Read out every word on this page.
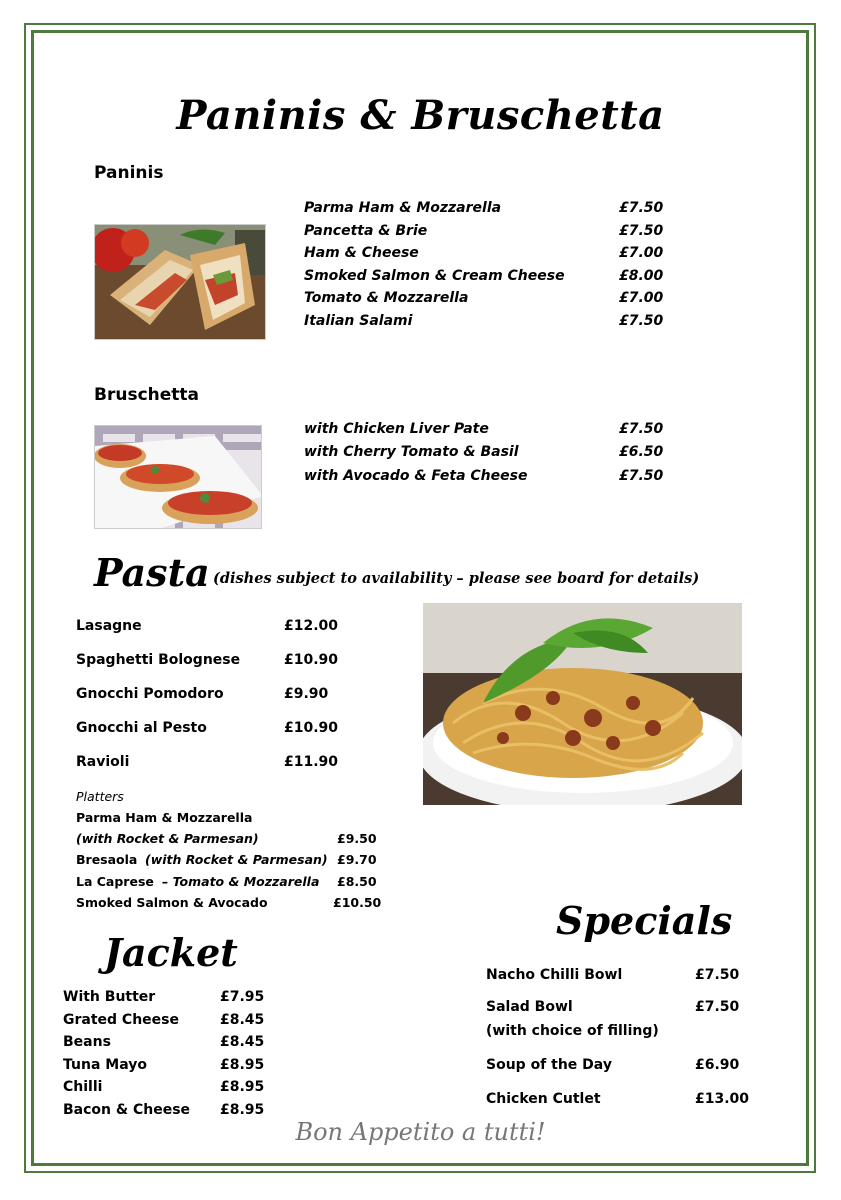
Paninis & Bruschetta
Paninis
Parma Ham & Mozzarella	£7.50
Pancetta & Brie	£7.50
Ham & Cheese	£7.00
Smoked Salmon & Cream Cheese	£8.00
Tomato & Mozzarella	£7.00
Italian Salami	£7.50
Bruschetta
with Chicken Liver Pate	£7.50
with Cherry Tomato & Basil	£6.50
with Avocado & Feta Cheese	£7.50
Pasta (dishes subject to availability – please see board for details)
Lasagne	£12.00
Spaghetti Bolognese	£10.90
Gnocchi Pomodoro	£9.90
Gnocchi al Pesto	£10.90
Ravioli	£11.90
Platters
Parma Ham & Mozzarella
(with Rocket & Parmesan)	£9.50
Bresaola (with Rocket & Parmesan) £9.70
La Caprese – Tomato & Mozzarella £8.50
Smoked Salmon & Avocado	£10.50
Jacket
With Butter	£7.95
Grated Cheese	£8.45
Beans	£8.45
Tuna Mayo	£8.95
Chilli	£8.95
Bacon & Cheese £8.95
Specials
Nacho Chilli Bowl	£7.50
Salad Bowl	£7.50
(with choice of filling)
Soup of the Day	£6.90
Chicken Cutlet	£13.00
Bon Appetito a tutti!
